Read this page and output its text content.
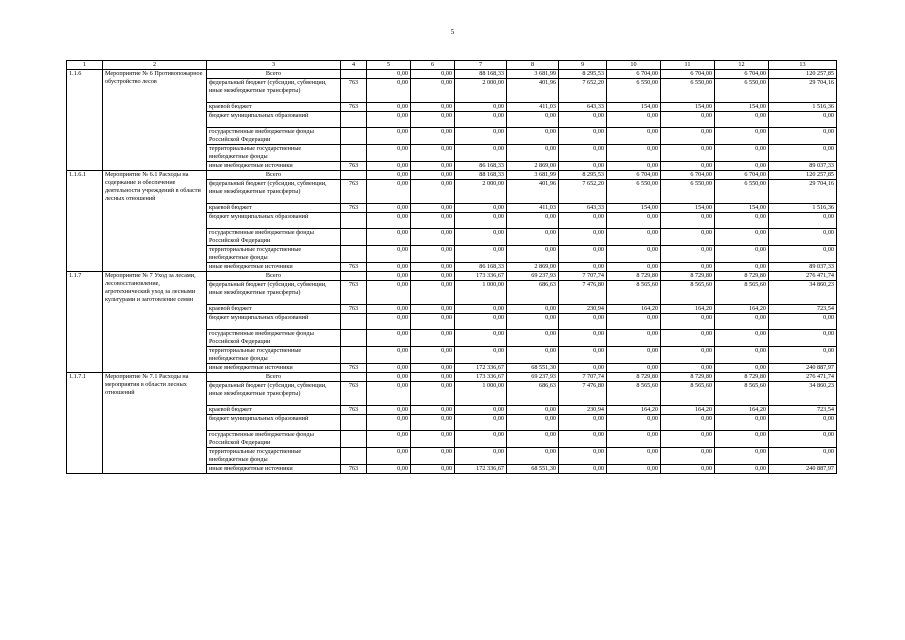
5
1	2	3	4	5	6	7	8	9	10	11	12	13
1.1.6	Мероприятие № 6 Противопожарное обустройство лесов	Всего		0,00	0,00	88 168,33	3 681,99	8 295,53	6 704,00	6 704,00	6 704,00	120 257,85
		федеральный бюджет (субсидии, субвенции, иные межбюджетные трансферты)	763	0,00	0,00	2 000,00	401,96	7 652,20	6 550,00	6 550,00	6 550,00	29 704,16
		краевой бюджет	763	0,00	0,00	0,00	411,03	643,33	154,00	154,00	154,00	1 516,36
		бюджет муниципальных образований		0,00	0,00	0,00	0,00	0,00	0,00	0,00	0,00	0,00
		государственные внебюджетные фонды Российской Федерации		0,00	0,00	0,00	0,00	0,00	0,00	0,00	0,00	0,00
		территориальные государственные внебюджетные фонды		0,00	0,00	0,00	0,00	0,00	0,00	0,00	0,00	0,00
		иные внебюджетные источники	763	0,00	0,00	86 168,33	2 869,00	0,00	0,00	0,00	0,00	89 037,33
1.1.6.1	Мероприятие № 6.1 Расходы на содержание и обеспечение деятельности учреждений в области лесных отношений	Всего		0,00	0,00	88 168,33	3 681,99	8 295,53	6 704,00	6 704,00	6 704,00	120 257,85
		федеральный бюджет (субсидии, субвенции, иные межбюджетные трансферты)	763	0,00	0,00	2 000,00	401,96	7 652,20	6 550,00	6 550,00	6 550,00	29 704,16
		краевой бюджет	763	0,00	0,00	0,00	411,03	643,33	154,00	154,00	154,00	1 516,36
		бюджет муниципальных образований		0,00	0,00	0,00	0,00	0,00	0,00	0,00	0,00	0,00
		государственные внебюджетные фонды Российской Федерации		0,00	0,00	0,00	0,00	0,00	0,00	0,00	0,00	0,00
		территориальные государственные внебюджетные фонды		0,00	0,00	0,00	0,00	0,00	0,00	0,00	0,00	0,00
		иные внебюджетные источники	763	0,00	0,00	86 168,33	2 869,00	0,00	0,00	0,00	0,00	89 037,33
1.1.7	Мероприятие № 7 Уход за лесами, лесовосстановление, агротехнический уход за лесными культурами и заготовление семян	Всего		0,00	0,00	173 336,67	69 237,93	7 707,74	8 729,80	8 729,80	8 729,80	276 471,74
		федеральный бюджет (субсидии, субвенции, иные межбюджетные трансферты)	763	0,00	0,00	1 000,00	686,63	7 476,80	8 565,60	8 565,60	8 565,60	34 860,23
		краевой бюджет	763	0,00	0,00	0,00	0,00	230,94	164,20	164,20	164,20	723,54
		бюджет муниципальных образований		0,00	0,00	0,00	0,00	0,00	0,00	0,00	0,00	0,00
		государственные внебюджетные фонды Российской Федерации		0,00	0,00	0,00	0,00	0,00	0,00	0,00	0,00	0,00
		территориальные государственные внебюджетные фонды		0,00	0,00	0,00	0,00	0,00	0,00	0,00	0,00	0,00
		иные внебюджетные источники	763	0,00	0,00	172 336,67	68 551,30	0,00	0,00	0,00	0,00	240 887,97
1.1.7.1	Мероприятие № 7.1 Расходы на мероприятия в области лесных отношений	Всего		0,00	0,00	173 336,67	69 237,93	7 707,74	8 729,80	8 729,80	8 729,80	276 471,74
		федеральный бюджет (субсидии, субвенции, иные межбюджетные трансферты)	763	0,00	0,00	1 000,00	686,63	7 476,80	8 565,60	8 565,60	8 565,60	34 860,23
		краевой бюджет	763	0,00	0,00	0,00	0,00	230,94	164,20	164,20	164,20	723,54
		бюджет муниципальных образований		0,00	0,00	0,00	0,00	0,00	0,00	0,00	0,00	0,00
		государственные внебюджетные фонды Российской Федерации		0,00	0,00	0,00	0,00	0,00	0,00	0,00	0,00	0,00
		территориальные государственные внебюджетные фонды		0,00	0,00	0,00	0,00	0,00	0,00	0,00	0,00	0,00
		иные внебюджетные источники	763	0,00	0,00	172 336,67	68 551,30	0,00	0,00	0,00	0,00	240 887,97
